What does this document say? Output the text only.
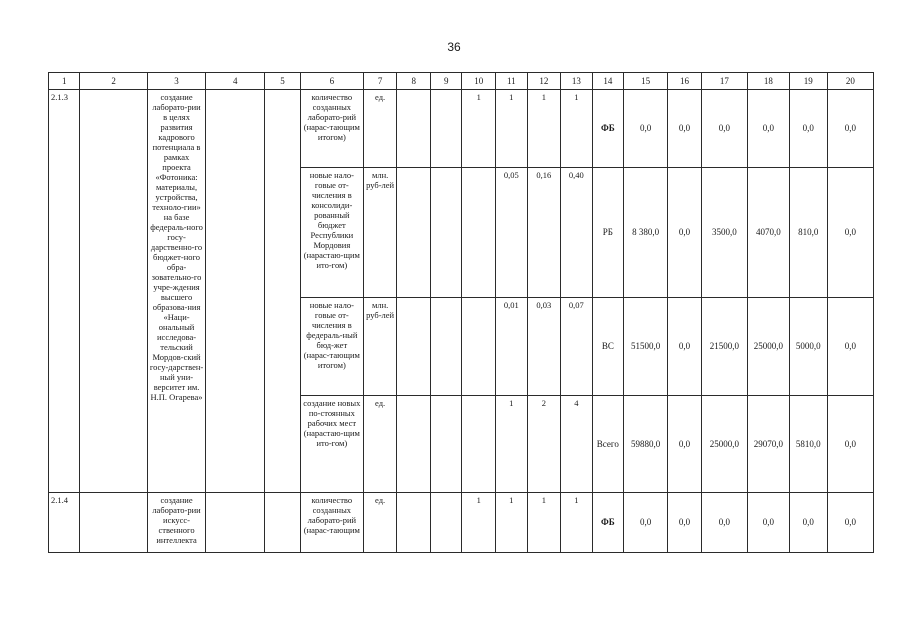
36
1	2	3	4	5	6	7	8	9	10	11	12	13	14	15	16	17	18	19	20
2.1.3		создание лаборато-рии в целях развития кадрового потенциала в рамках проекта «Фотоника: материалы, устройства, техноло-гии» на базе федераль-ного госу-дарственно-го бюджет-ного обра-зовательно-го учре-ждения высшего образова-ния «Наци-ональный исследова-тельский Мордов-ский госу-дарствен-ный уни-верситет им. Н.П. Огарева»			количество созданных лаборато-рий (нарас-тающим итогом)	ед.			1	1	1	1	ФБ	0,0	0,0	0,0	0,0	0,0	0,0
					новые нало-говые от-числения в консолиди-рованный бюджет Республики Мордовия (нарастаю-щим ито-гом)	млн. руб-лей				0,05	0,16	0,40	РБ	8 380,0	0,0	3500,0	4070,0	810,0	0,0
					новые нало-говые от-числения в федераль-ный бюд-жет (нарас-тающим итогом)	млн. руб-лей				0,01	0,03	0,07	ВС	51500,0	0,0	21500,0	25000,0	5000,0	0,0
					создание новых по-стоянных рабочих мест (нарастаю-щим ито-гом)	ед.				1	2	4	Всего	59880,0	0,0	25000,0	29070,0	5810,0	0,0
2.1.4		создание лаборато-рии искусс-ственного интеллекта			количество созданных лаборато-рий (нарас-тающим	ед.			1	1	1	1	ФБ	0,0	0,0	0,0	0,0	0,0	0,0
